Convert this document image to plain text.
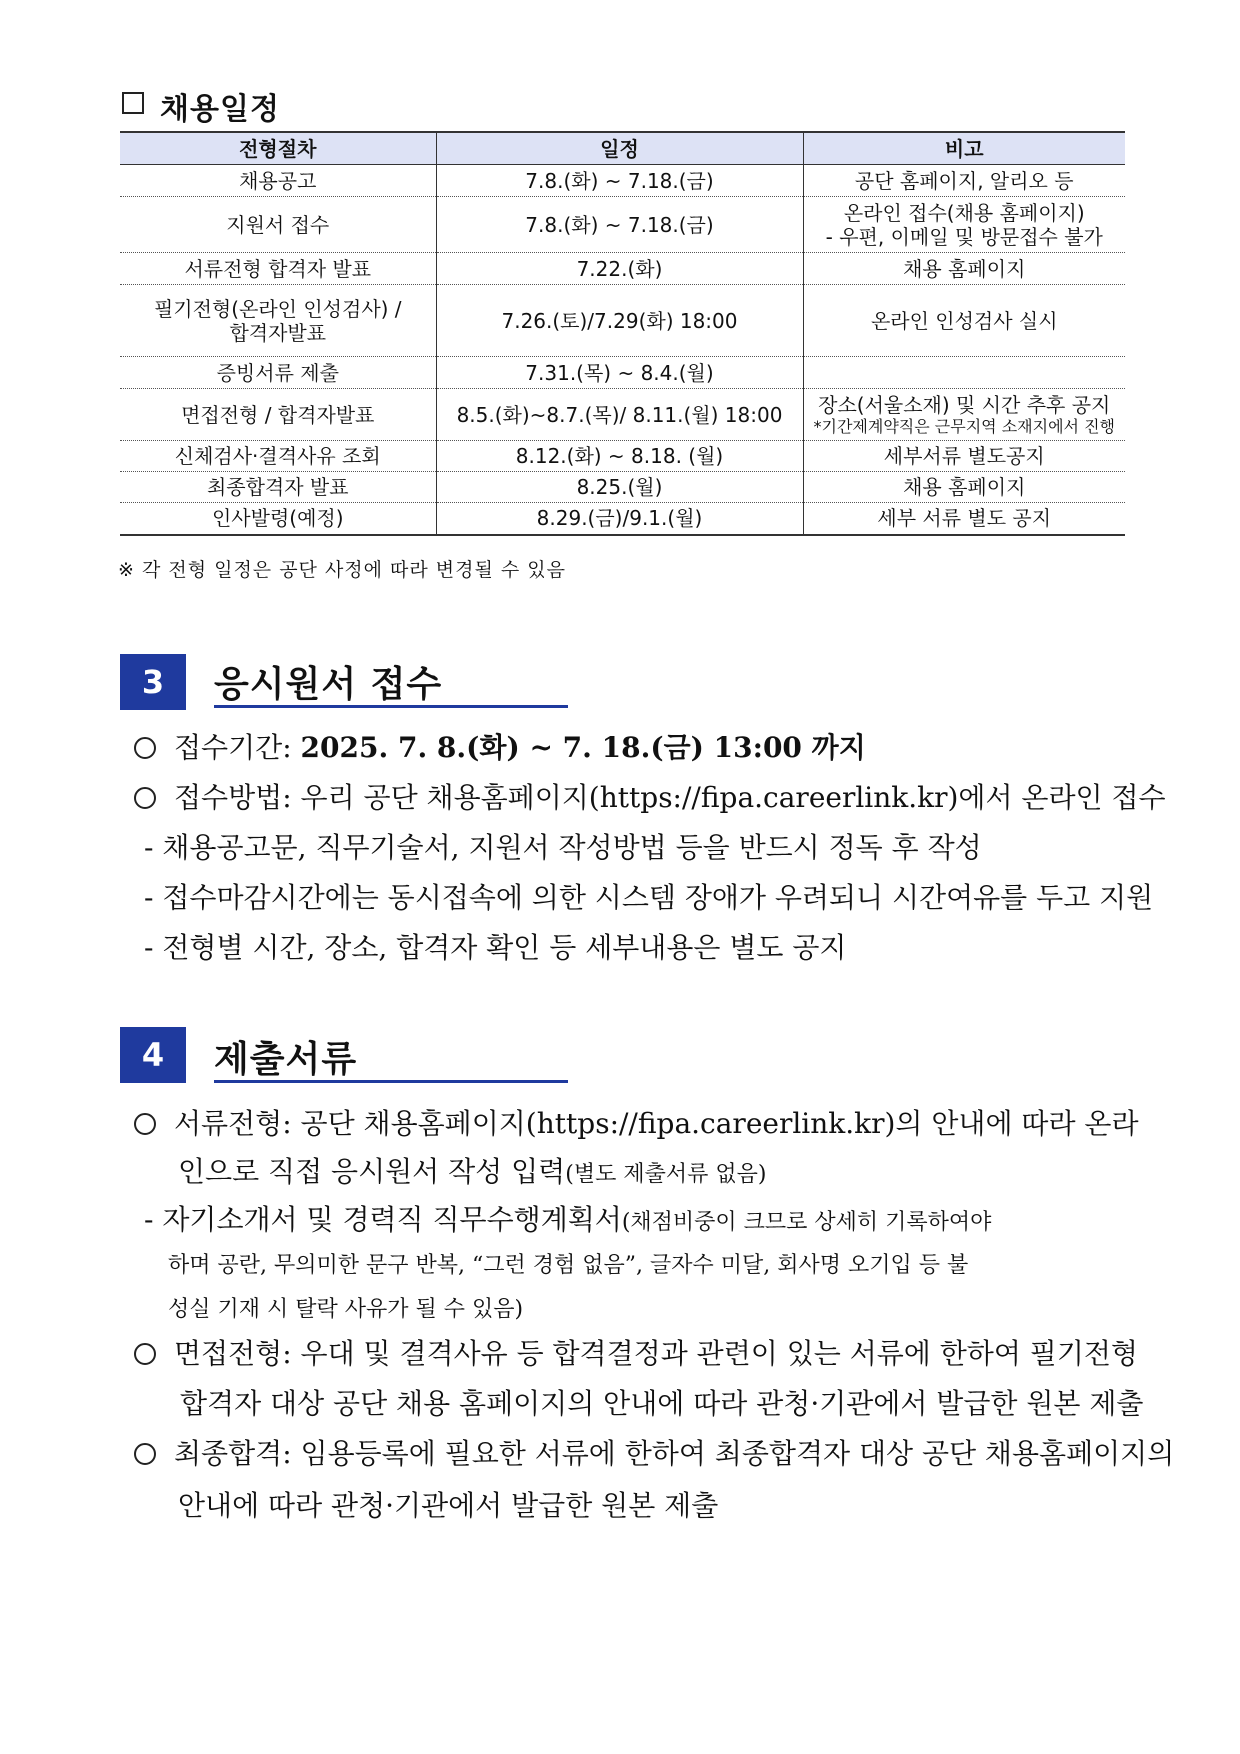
채용일정
전형절차	일정	비고
채용공고	7.8.(화) ~ 7.18.(금)	공단 홈페이지, 알리오 등
지원서 접수	7.8.(화) ~ 7.18.(금)	온라인 접수(채용 홈페이지)
- 우편, 이메일 및 방문접수 불가

서류전형 합격자 발표	7.22.(화)	채용 홈페이지

필기전형(온라인 인성검사) /
합격자발표	7.26.(토)/7.29(화) 18:00	온라인 인성검사 실시
증빙서류 제출	7.31.(목) ~ 8.4.(월)	
면접전형 / 합격자발표	8.5.(화)~8.7.(목)/ 8.11.(월) 18:00	장소(서울소재) 및 시간 추후 공지
*기간제계약직은 근무지역 소재지에서 진행

신체검사·결격사유 조회	8.12.(화) ~ 8.18. (월)	세부서류 별도공지
최종합격자 발표	8.25.(월)	채용 홈페이지
인사발령(예정)	8.29.(금)/9.1.(월)	세부 서류 별도 공지
※ 각 전형 일정은 공단 사정에 따라 변경될 수 있음
3	응시원서 접수
접수기간: 2025. 7. 8.(화) ~ 7. 18.(금) 13:00 까지
접수방법: 우리 공단 채용홈페이지(https://fipa.careerlink.kr)에서 온라인 접수
- 채용공고문, 직무기술서, 지원서 작성방법 등을 반드시 정독 후 작성
- 접수마감시간에는 동시접속에 의한 시스템 장애가 우려되니 시간여유를 두고 지원
- 전형별 시간, 장소, 합격자 확인 등 세부내용은 별도 공지
4	제출서류
서류전형: 공단 채용홈페이지(https://fipa.careerlink.kr)의 안내에 따라 온라
인으로 직접 응시원서 작성 입력(별도 제출서류 없음)
- 자기소개서 및 경력직 직무수행계획서(채점비중이 크므로 상세히 기록하여야
하며 공란, 무의미한 문구 반복, “그런 경험 없음”, 글자수 미달, 회사명 오기입 등 불
성실 기재 시 탈락 사유가 될 수 있음)
면접전형: 우대 및 결격사유 등 합격결정과 관련이 있는 서류에 한하여 필기전형
합격자 대상 공단 채용 홈페이지의 안내에 따라 관청·기관에서 발급한 원본 제출
최종합격: 임용등록에 필요한 서류에 한하여 최종합격자 대상 공단 채용홈페이지의
안내에 따라 관청·기관에서 발급한 원본 제출
